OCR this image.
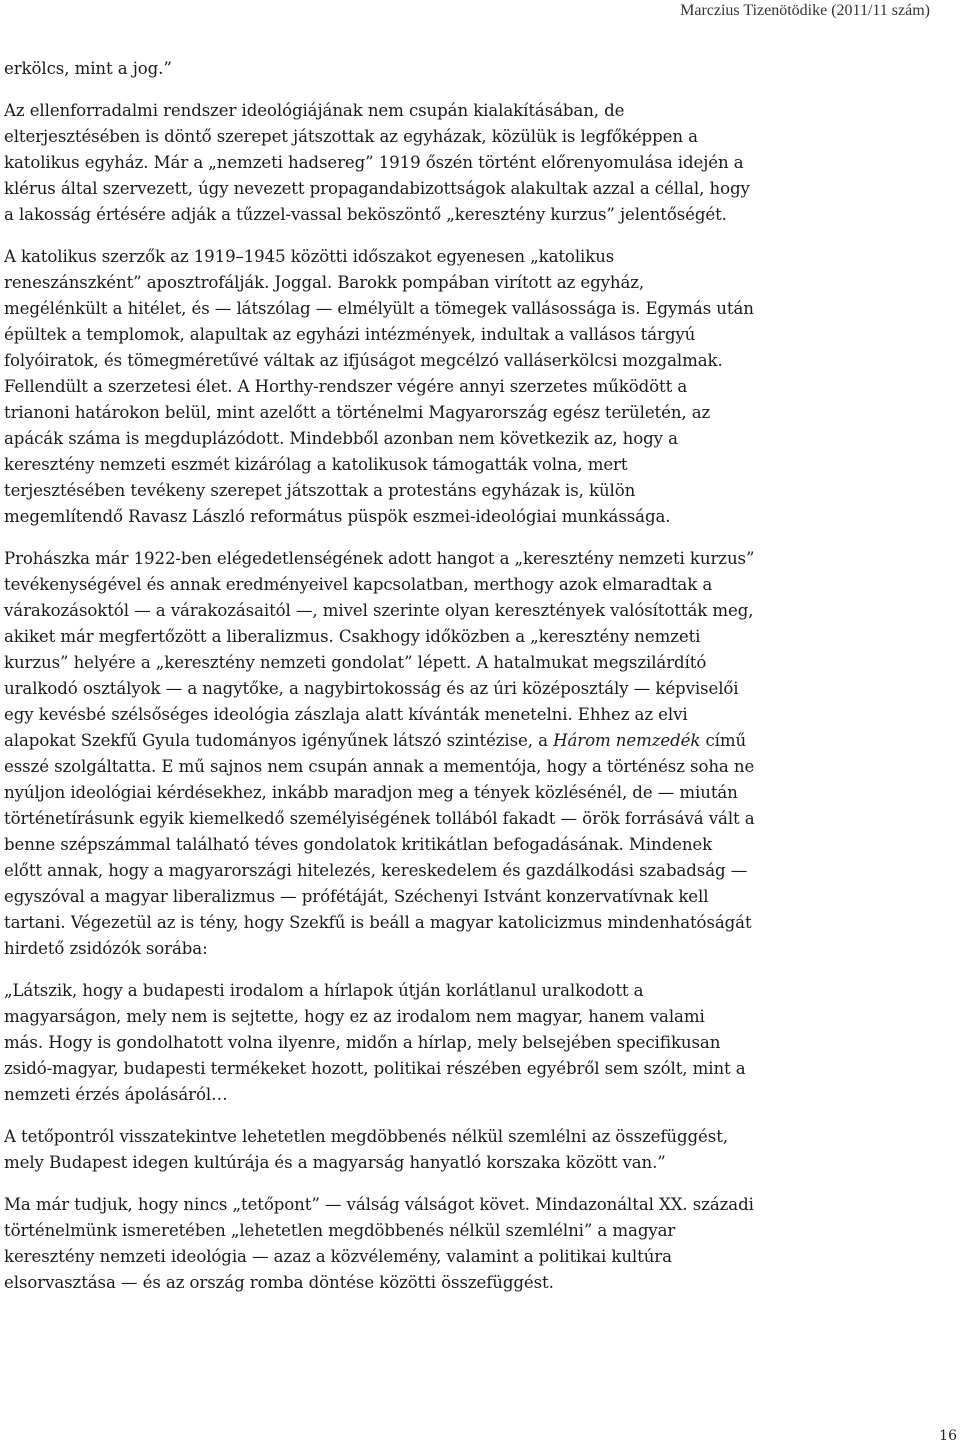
Marczius Tizenötödike (2011/11 szám)

erkölcs, mint a jog.”

Az ellenforradalmi rendszer ideológiájának nem csupán kialakításában, de
elterjesztésében is döntő szerepet játszottak az egyházak, közülük is legfőképpen a
katolikus egyház. Már a „nemzeti hadsereg” 1919 őszén történt előrenyomulása idején a
klérus által szervezett, úgy nevezett propagandabizottságok alakultak azzal a céllal, hogy
a lakosság értésére adják a tűzzel-vassal beköszöntő „keresztény kurzus” jelentőségét.

A katolikus szerzők az 1919–1945 közötti időszakot egyenesen „katolikus
reneszánszként” aposztrofálják. Joggal. Barokk pompában virított az egyház,
megélénkült a hitélet, és — látszólag — elmélyült a tömegek vallásossága is. Egymás után
épültek a templomok, alapultak az egyházi intézmények, indultak a vallásos tárgyú
folyóiratok, és tömegméretűvé váltak az ifjúságot megcélzó valláserkölcsi mozgalmak.
Fellendült a szerzetesi élet. A Horthy-rendszer végére annyi szerzetes működött a
trianoni határokon belül, mint azelőtt a történelmi Magyarország egész területén, az
apácák száma is megduplázódott. Mindebből azonban nem következik az, hogy a
keresztény nemzeti eszmét kizárólag a katolikusok támogatták volna, mert
terjesztésében tevékeny szerepet játszottak a protestáns egyházak is, külön
megemlítendő Ravasz László református püspök eszmei-ideológiai munkássága.

Prohászka már 1922-ben elégedetlenségének adott hangot a „keresztény nemzeti kurzus”
tevékenységével és annak eredményeivel kapcsolatban, merthogy azok elmaradtak a
várakozásoktól — a várakozásaitól —, mivel szerinte olyan keresztények valósították meg,
akiket már megfertőzött a liberalizmus. Csakhogy időközben a „keresztény nemzeti
kurzus” helyére a „keresztény nemzeti gondolat” lépett. A hatalmukat megszilárdító
uralkodó osztályok — a nagytőke, a nagybirtokosság és az úri középosztály — képviselői
egy kevésbé szélsőséges ideológia zászlaja alatt kívánták menetelni. Ehhez az elvi
alapokat Szekfű Gyula tudományos igényűnek látszó szintézise, a Három nemzedék című
esszé szolgáltatta. E mű sajnos nem csupán annak a mementója, hogy a történész soha ne
nyúljon ideológiai kérdésekhez, inkább maradjon meg a tények közlésénél, de — miután
történetírásunk egyik kiemelkedő személyiségének tollából fakadt — örök forrásává vált a
benne szépszámmal található téves gondolatok kritikátlan befogadásának. Mindenek
előtt annak, hogy a magyarországi hitelezés, kereskedelem és gazdálkodási szabadság —
egyszóval a magyar liberalizmus — prófétáját, Széchenyi Istvánt konzervatívnak kell
tartani. Végezetül az is tény, hogy Szekfű is beáll a magyar katolicizmus mindenhatóságát
hirdető zsidózók sorába:

„Látszik, hogy a budapesti irodalom a hírlapok útján korlátlanul uralkodott a
magyarságon, mely nem is sejtette, hogy ez az irodalom nem magyar, hanem valami
más. Hogy is gondolhatott volna ilyenre, midőn a hírlap, mely belsejében specifikusan
zsidó-magyar, budapesti termékeket hozott, politikai részében egyébről sem szólt, mint a
nemzeti érzés ápolásáról…

A tetőpontról visszatekintve lehetetlen megdöbbenés nélkül szemlélni az összefüggést,
mely Budapest idegen kultúrája és a magyarság hanyatló korszaka között van.”

Ma már tudjuk, hogy nincs „tetőpont” — válság válságot követ. Mindazonáltal XX. századi
történelmünk ismeretében „lehetetlen megdöbbenés nélkül szemlélni” a magyar
keresztény nemzeti ideológia — azaz a közvélemény, valamint a politikai kultúra
elsorvasztása — és az ország romba döntése közötti összefüggést.

16
